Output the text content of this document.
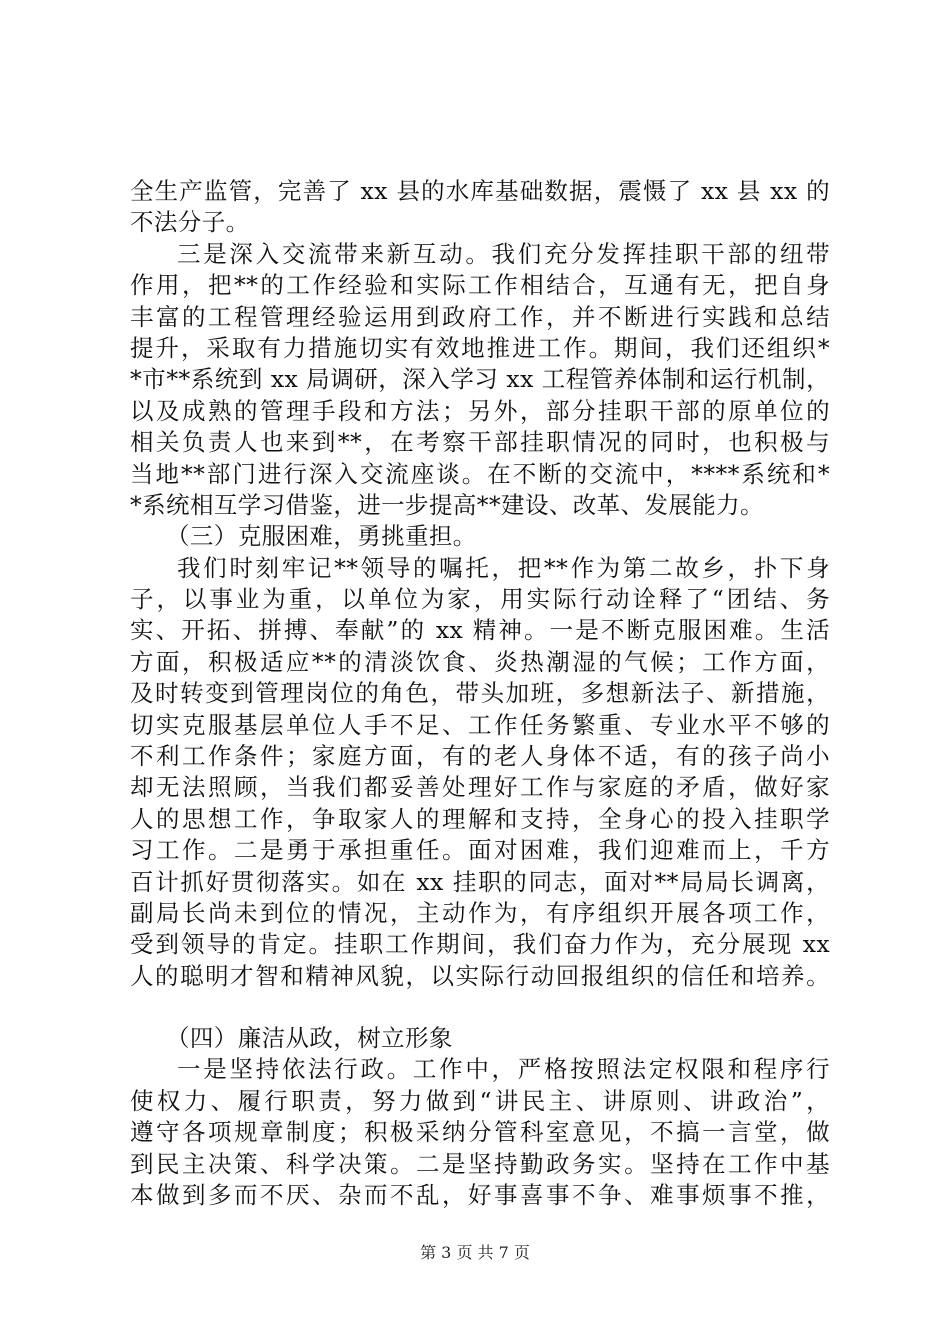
全生产监管，完善了 xx 县的水库基础数据，震慑了 xx 县 xx 的
不法分子。
三是深入交流带来新互动。我们充分发挥挂职干部的纽带
作用，把**的工作经验和实际工作相结合，互通有无，把自身
丰富的工程管理经验运用到政府工作，并不断进行实践和总结
提升，采取有力措施切实有效地推进工作。期间，我们还组织*
*市**系统到 xx 局调研，深入学习 xx 工程管养体制和运行机制，
以及成熟的管理手段和方法；另外，部分挂职干部的原单位的
相关负责人也来到**，在考察干部挂职情况的同时，也积极与
当地**部门进行深入交流座谈。在不断的交流中，****系统和*
*系统相互学习借鉴，进一步提高**建设、改革、发展能力。
（三）克服困难，勇挑重担。
我们时刻牢记**领导的嘱托，把**作为第二故乡，扑下身
子，以事业为重，以单位为家，用实际行动诠释了“团结、务
实、开拓、拼搏、奉献”的 xx 精神。一是不断克服困难。生活
方面，积极适应**的清淡饮食、炎热潮湿的气候；工作方面，
及时转变到管理岗位的角色，带头加班，多想新法子、新措施，
切实克服基层单位人手不足、工作任务繁重、专业水平不够的
不利工作条件；家庭方面，有的老人身体不适，有的孩子尚小
却无法照顾，当我们都妥善处理好工作与家庭的矛盾，做好家
人的思想工作，争取家人的理解和支持，全身心的投入挂职学
习工作。二是勇于承担重任。面对困难，我们迎难而上，千方
百计抓好贯彻落实。如在 xx 挂职的同志，面对**局局长调离，
副局长尚未到位的情况，主动作为，有序组织开展各项工作，
受到领导的肯定。挂职工作期间，我们奋力作为，充分展现 xx
人的聪明才智和精神风貌，以实际行动回报组织的信任和培养。
（四）廉洁从政，树立形象
一是坚持依法行政。工作中，严格按照法定权限和程序行
使权力、履行职责，努力做到“讲民主、讲原则、讲政治”，
遵守各项规章制度；积极采纳分管科室意见，不搞一言堂，做
到民主决策、科学决策。二是坚持勤政务实。坚持在工作中基
本做到多而不厌、杂而不乱，好事喜事不争、难事烦事不推，
第 3 页 共 7 页
